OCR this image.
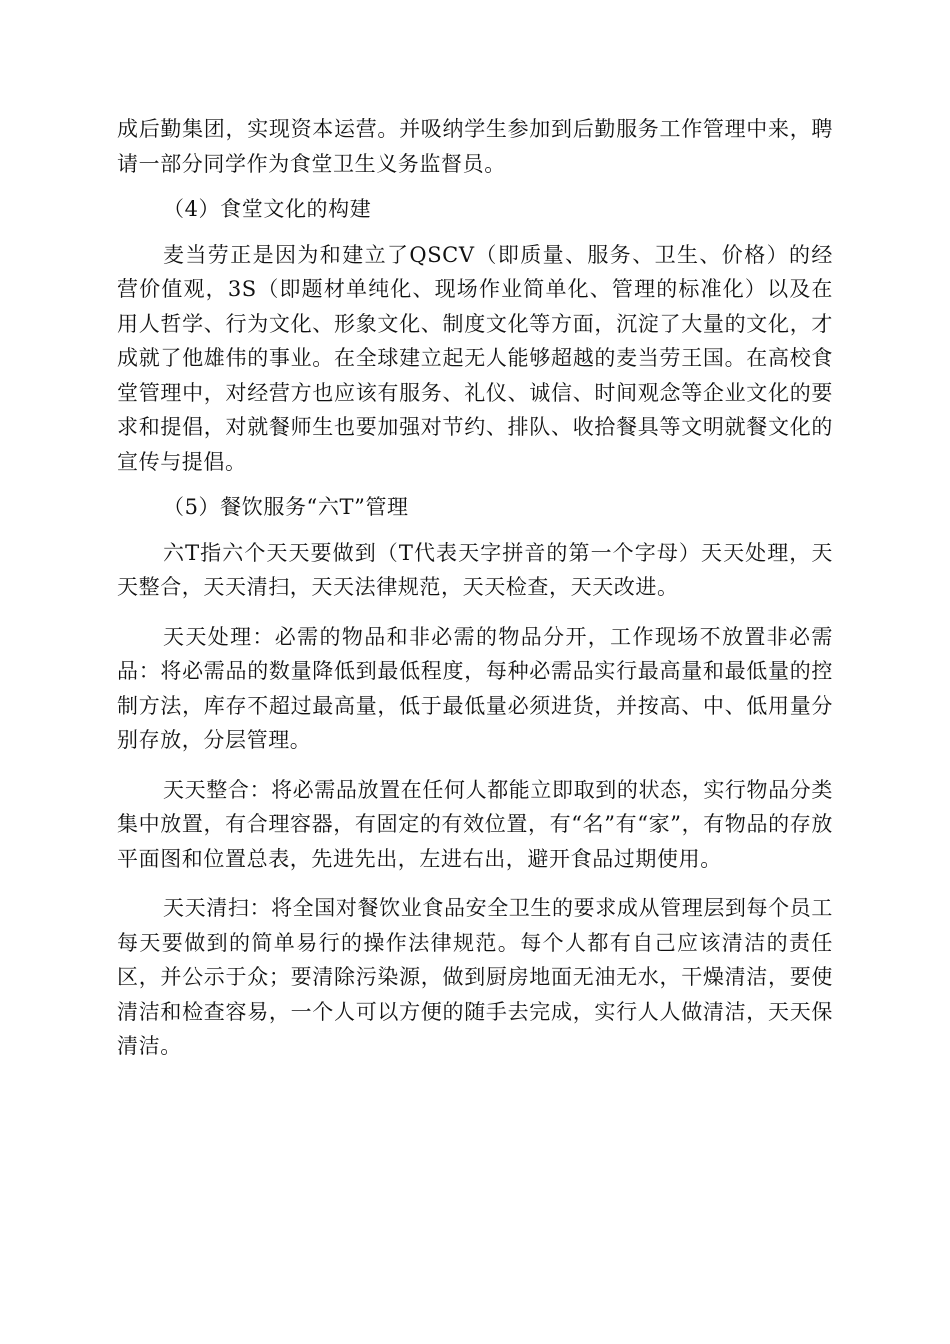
成后勤集团，实现资本运营。并吸纳学生参加到后勤服务工作管理中来，聘请一部分同学作为食堂卫生义务监督员。

（4）食堂文化的构建

麦当劳正是因为和建立了QSCV（即质量、服务、卫生、价格）的经营价值观，3S（即题材单纯化、现场作业简单化、管理的标准化）以及在用人哲学、行为文化、形象文化、制度文化等方面，沉淀了大量的文化，才成就了他雄伟的事业。在全球建立起无人能够超越的麦当劳王国。在高校食堂管理中，对经营方也应该有服务、礼仪、诚信、时间观念等企业文化的要求和提倡，对就餐师生也要加强对节约、排队、收拾餐具等文明就餐文化的宣传与提倡。

（5）餐饮服务“六T”管理

六T指六个天天要做到（T代表天字拼音的第一个字母）天天处理，天天整合，天天清扫，天天法律规范，天天检查，天天改进。

天天处理：必需的物品和非必需的物品分开，工作现场不放置非必需品：将必需品的数量降低到最低程度，每种必需品实行最高量和最低量的控制方法，库存不超过最高量，低于最低量必须进货，并按高、中、低用量分别存放，分层管理。

天天整合：将必需品放置在任何人都能立即取到的状态，实行物品分类集中放置，有合理容器，有固定的有效位置，有“名”有“家”，有物品的存放平面图和位置总表，先进先出，左进右出，避开食品过期使用。

天天清扫：将全国对餐饮业食品安全卫生的要求成从管理层到每个员工每天要做到的简单易行的操作法律规范。每个人都有自己应该清洁的责任区，并公示于众；要清除污染源，做到厨房地面无油无水，干燥清洁，要使清洁和检查容易，一个人可以方便的随手去完成，实行人人做清洁，天天保清洁。
